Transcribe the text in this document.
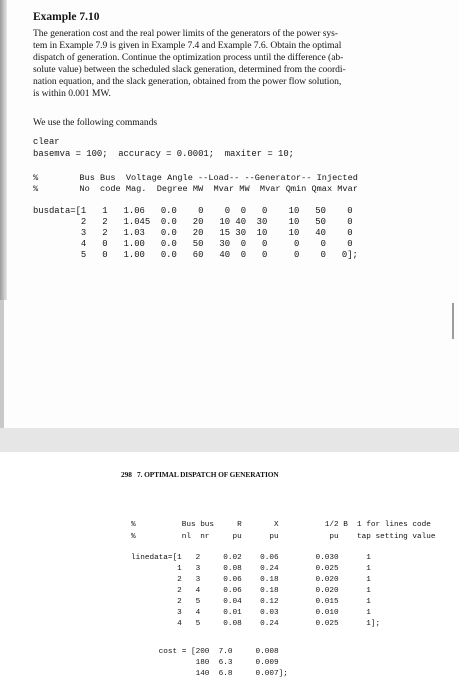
Example 7.10
The generation cost and the real power limits of the generators of the power sys-
tem in Example 7.9 is given in Example 7.4 and Example 7.6. Obtain the optimal
dispatch of generation. Continue the optimization process until the difference (ab-
solute value) between the scheduled slack generation, determined from the coordi-
nation equation, and the slack generation, obtained from the power flow solution,
is within 0.001 MW.
We use the following commands
clear
basemva = 100;  accuracy = 0.0001;  maxiter = 10;
%        Bus Bus  Voltage Angle --Load-- --Generator-- Injected
%        No  code Mag.  Degree MW  Mvar MW  Mvar Qmin Qmax Mvar
busdata=[1   1   1.06   0.0    0    0  0   0    10   50    0
2   2   1.045  0.0   20   10 40  30    10   50    0
3   2   1.03   0.0   20   15 30  10    10   40    0
4   0   1.00   0.0   50   30  0   0     0    0    0
5   0   1.00   0.0   60   40  0   0     0    0   0];
298   7. OPTIMAL DISPATCH OF GENERATION
%          Bus bus     R       X          1/2 B  1 for lines code
%          nl  nr     pu      pu           pu    tap setting value
linedata=[1   2     0.02    0.06        0.030      1
1   3     0.08    0.24        0.025      1
2   3     0.06    0.18        0.020      1
2   4     0.06    0.18        0.020      1
2   5     0.04    0.12        0.015      1
3   4     0.01    0.03        0.010      1
4   5     0.08    0.24        0.025      1];
cost = [200  7.0     0.008
180  6.3     0.009
140  6.8     0.007];
